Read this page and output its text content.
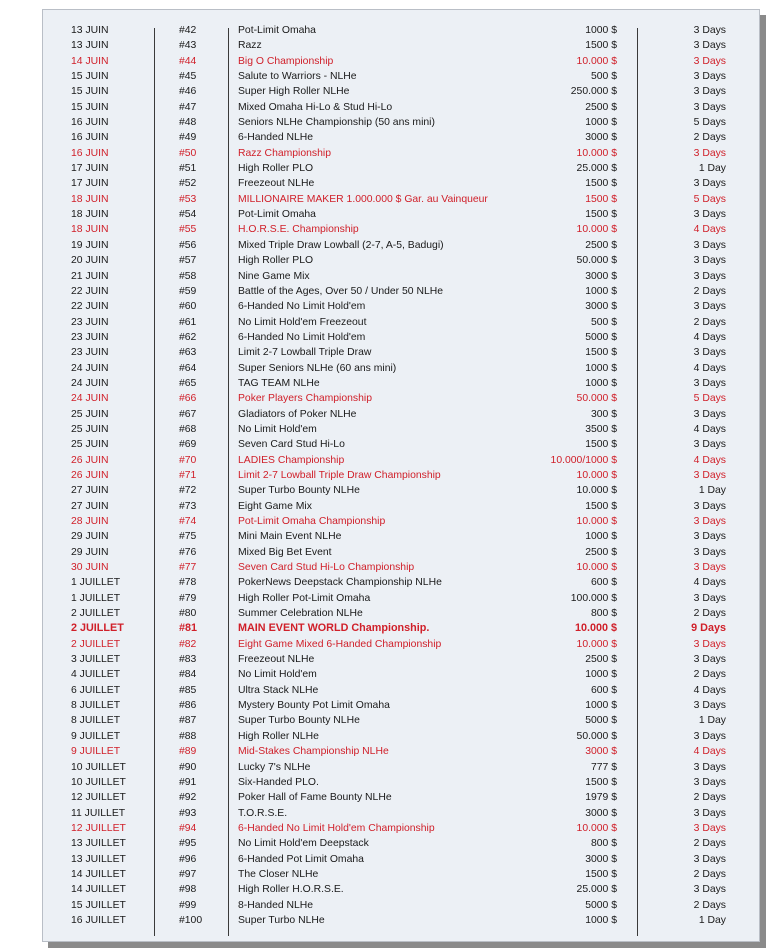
13 JUIN	#42	Pot-Limit Omaha	1000 $	3 Days
13 JUIN	#43	Razz	1500 $	3 Days
14 JUIN	#44	Big O Championship	10.000 $	3 Days
15 JUIN	#45	Salute to Warriors - NLHe	500 $	3 Days
15 JUIN	#46	Super High Roller NLHe	250.000 $	3 Days
15 JUIN	#47	Mixed Omaha Hi-Lo & Stud Hi-Lo	2500 $	3 Days
16 JUIN	#48	Seniors NLHe Championship (50 ans mini)	1000 $	5 Days
16 JUIN	#49	6-Handed NLHe	3000 $	2 Days
16 JUIN	#50	Razz Championship	10.000 $	3 Days
17 JUIN	#51	High Roller PLO	25.000 $	1 Day
17 JUIN	#52	Freezeout NLHe	1500 $	3 Days
18 JUIN	#53	MILLIONAIRE MAKER 1.000.000 $ Gar. au Vainqueur	1500 $	5 Days
18 JUIN	#54	Pot-Limit Omaha	1500 $	3 Days
18 JUIN	#55	H.O.R.S.E. Championship	10.000 $	4 Days
19 JUIN	#56	Mixed Triple Draw Lowball (2-7, A-5, Badugi)	2500 $	3 Days
20 JUIN	#57	High Roller PLO	50.000 $	3 Days
21 JUIN	#58	Nine Game Mix	3000 $	3 Days
22 JUIN	#59	Battle of the Ages, Over 50 / Under 50 NLHe	1000 $	2 Days
22 JUIN	#60	6-Handed No Limit Hold'em	3000 $	3 Days
23 JUIN	#61	No Limit Hold'em Freezeout	500 $	2 Days
23 JUIN	#62	6-Handed No Limit Hold'em	5000 $	4 Days
23 JUIN	#63	Limit 2-7 Lowball Triple Draw	1500 $	3 Days
24 JUIN	#64	Super Seniors NLHe (60 ans mini)	1000 $	4 Days
24 JUIN	#65	TAG TEAM NLHe	1000 $	3 Days
24 JUIN	#66	Poker Players Championship	50.000 $	5 Days
25 JUIN	#67	Gladiators of Poker NLHe	300 $	3 Days
25 JUIN	#68	No Limit Hold'em	3500 $	4 Days
25 JUIN	#69	Seven Card Stud Hi-Lo	1500 $	3 Days
26 JUIN	#70	LADIES Championship	10.000/1000 $	4 Days
26 JUIN	#71	Limit 2-7 Lowball Triple Draw Championship	10.000 $	3 Days
27 JUIN	#72	Super Turbo Bounty NLHe	10.000 $	1 Day
27 JUIN	#73	Eight Game Mix	1500 $	3 Days
28 JUIN	#74	Pot-Limit Omaha Championship	10.000 $	3 Days
29 JUIN	#75	Mini Main Event NLHe	1000 $	3 Days
29 JUIN	#76	Mixed Big Bet Event	2500 $	3 Days
30 JUIN	#77	Seven Card Stud Hi-Lo Championship	10.000 $	3 Days
1 JUILLET	#78	PokerNews Deepstack Championship NLHe	600 $	4 Days
1 JUILLET	#79	High Roller Pot-Limit Omaha	100.000 $	3 Days
2 JUILLET	#80	Summer Celebration NLHe	800 $	2 Days
2 JUILLET	#81	MAIN EVENT WORLD Championship.	10.000 $	9 Days
2 JUILLET	#82	Eight Game Mixed 6-Handed Championship	10.000 $	3 Days
3 JUILLET	#83	Freezeout NLHe	2500 $	3 Days
4 JUILLET	#84	No Limit Hold'em	1000 $	2 Days
6 JUILLET	#85	Ultra Stack NLHe	600 $	4 Days
8 JUILLET	#86	Mystery Bounty Pot Limit Omaha	1000 $	3 Days
8 JUILLET	#87	Super Turbo Bounty NLHe	5000 $	1 Day
9 JUILLET	#88	High Roller NLHe	50.000 $	3 Days
9 JUILLET	#89	Mid-Stakes Championship NLHe	3000 $	4 Days
10 JUILLET	#90	Lucky 7's NLHe	777 $	3 Days
10 JUILLET	#91	Six-Handed PLO.	1500 $	3 Days
12 JUILLET	#92	Poker Hall of Fame Bounty NLHe	1979 $	2 Days
11 JUILLET	#93	T.O.R.S.E.	3000 $	3 Days
12 JUILLET	#94	6-Handed No Limit Hold'em Championship	10.000 $	3 Days
13 JUILLET	#95	No Limit Hold'em Deepstack	800 $	2 Days
13 JUILLET	#96	6-Handed Pot Limit Omaha	3000 $	3 Days
14 JUILLET	#97	The Closer NLHe	1500 $	2 Days
14 JUILLET	#98	High Roller H.O.R.S.E.	25.000 $	3 Days
15 JUILLET	#99	8-Handed NLHe	5000 $	2 Days
16 JUILLET	#100	Super Turbo NLHe	1000 $	1 Day
